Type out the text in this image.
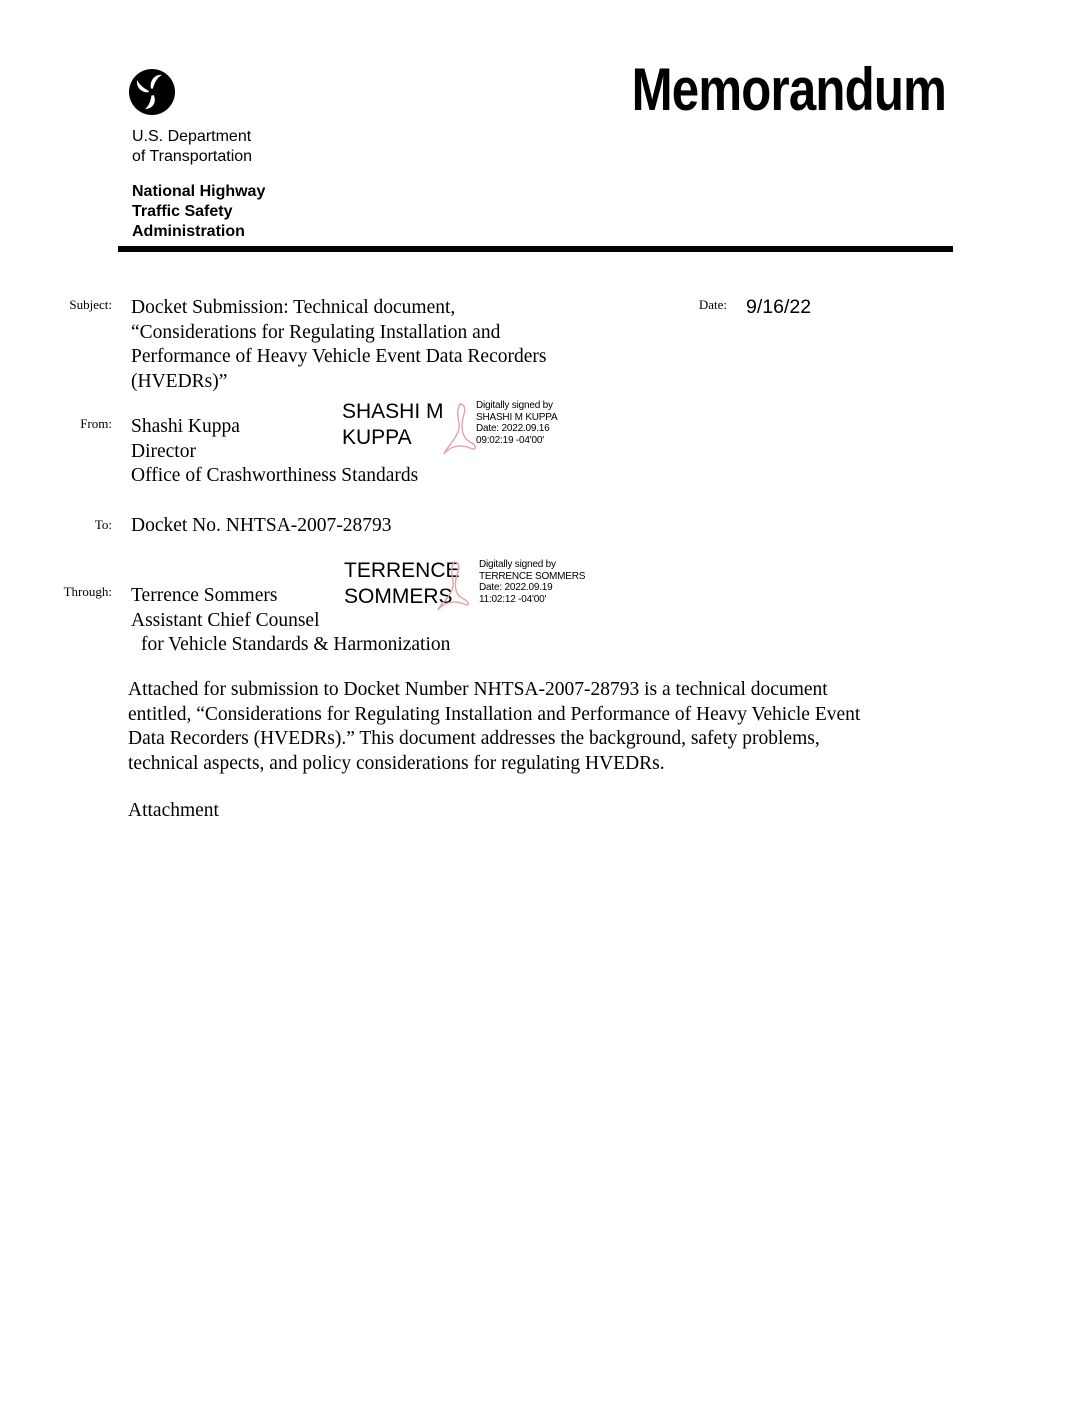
U.S. Department
of Transportation
National Highway
Traffic Safety
Administration
Memorandum
Subject: Docket Submission: Technical document,
“Considerations for Regulating Installation and
Performance of Heavy Vehicle Event Data Recorders
(HVEDRs)”
Date: 9/16/22
From: Shashi Kuppa
Director
Office of Crashworthiness Standards
SHASHI M
KUPPA
Digitally signed by
SHASHI M KUPPA
Date: 2022.09.16
09:02:19 -04'00'
To: Docket No. NHTSA-2007-28793
Through: Terrence Sommers
Assistant Chief Counsel
for Vehicle Standards & Harmonization
TERRENCE
SOMMERS
Digitally signed by
TERRENCE SOMMERS
Date: 2022.09.19
11:02:12 -04'00'
Attached for submission to Docket Number NHTSA-2007-28793 is a technical document
entitled, “Considerations for Regulating Installation and Performance of Heavy Vehicle Event
Data Recorders (HVEDRs).” This document addresses the background, safety problems,
technical aspects, and policy considerations for regulating HVEDRs.
Attachment
